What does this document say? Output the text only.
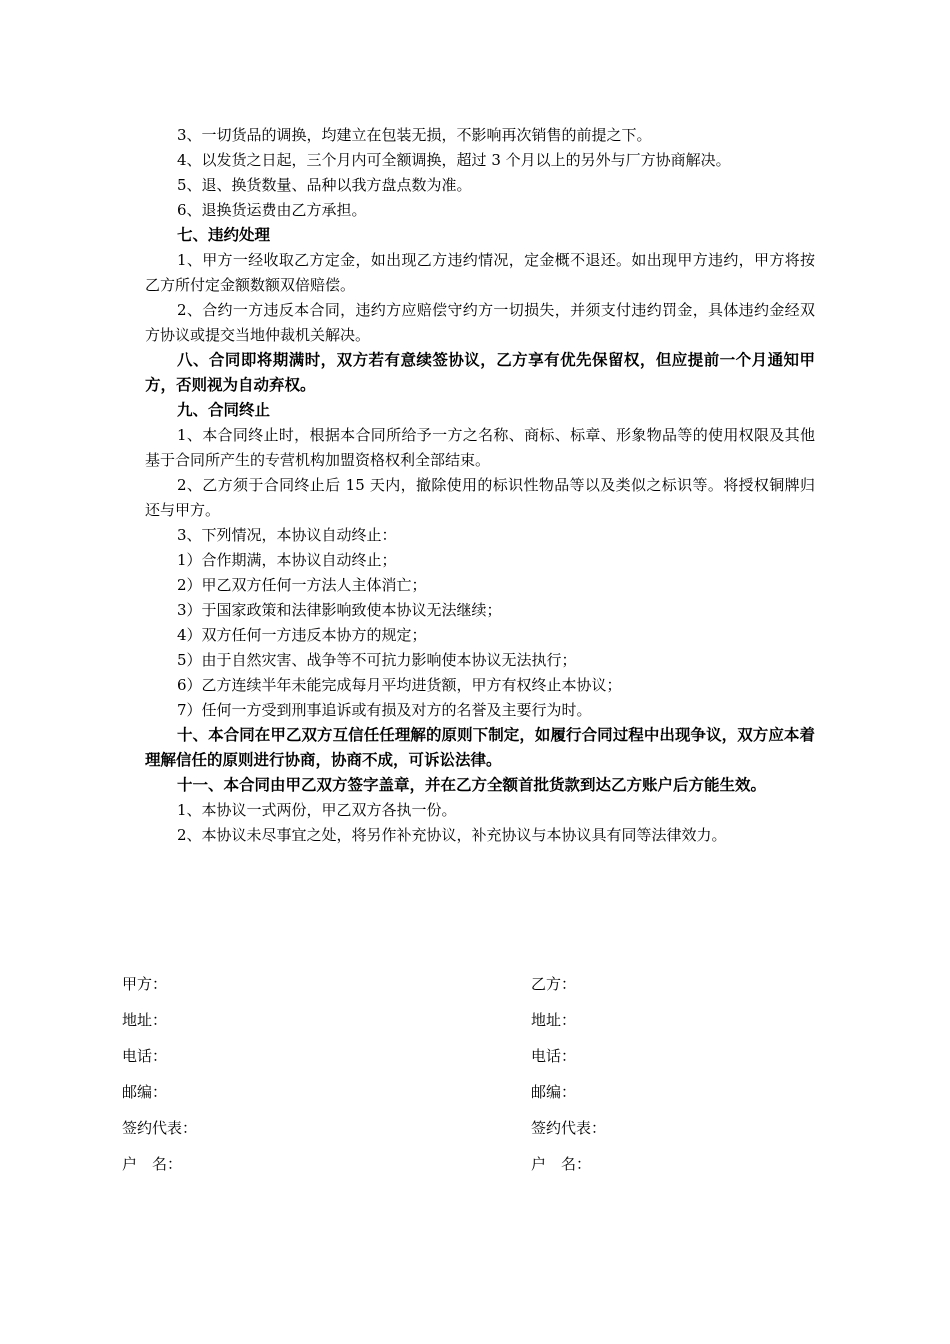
3、一切货品的调换，均建立在包装无损，不影响再次销售的前提之下。

4、以发货之日起，三个月内可全额调换，超过 3 个月以上的另外与厂方协商解决。

5、退、换货数量、品种以我方盘点数为准。

6、退换货运费由乙方承担。

七、违约处理

1、甲方一经收取乙方定金，如出现乙方违约情况，定金概不退还。如出现甲方违约，甲方将按乙方所付定金额数额双倍赔偿。

2、合约一方违反本合同，违约方应赔偿守约方一切损失，并须支付违约罚金，具体违约金经双方协议或提交当地仲裁机关解决。

八、合同即将期满时，双方若有意续签协议，乙方享有优先保留权，但应提前一个月通知甲方，否则视为自动弃权。

九、合同终止

1、本合同终止时，根据本合同所给予一方之名称、商标、标章、形象物品等的使用权限及其他基于合同所产生的专营机构加盟资格权利全部结束。

2、乙方须于合同终止后 15 天内，撤除使用的标识性物品等以及类似之标识等。将授权铜牌归还与甲方。

3、下列情况，本协议自动终止：

1）合作期满，本协议自动终止；

2）甲乙双方任何一方法人主体消亡；

3）于国家政策和法律影响致使本协议无法继续；

4）双方任何一方违反本协方的规定；

5）由于自然灾害、战争等不可抗力影响使本协议无法执行；

6）乙方连续半年未能完成每月平均进货额，甲方有权终止本协议；

7）任何一方受到刑事追诉或有损及对方的名誉及主要行为时。

十、本合同在甲乙双方互信任任理解的原则下制定，如履行合同过程中出现争议，双方应本着理解信任的原则进行协商，协商不成，可诉讼法律。

十一、本合同由甲乙双方签字盖章，并在乙方全额首批货款到达乙方账户后方能生效。

1、本协议一式两份，甲乙双方各执一份。

2、本协议未尽事宜之处，将另作补充协议，补充协议与本协议具有同等法律效力。

甲方：	乙方：
地址：	地址：
电话：	电话：
邮编：	邮编：
签约代表：	签约代表：
户　名：	户　名：
